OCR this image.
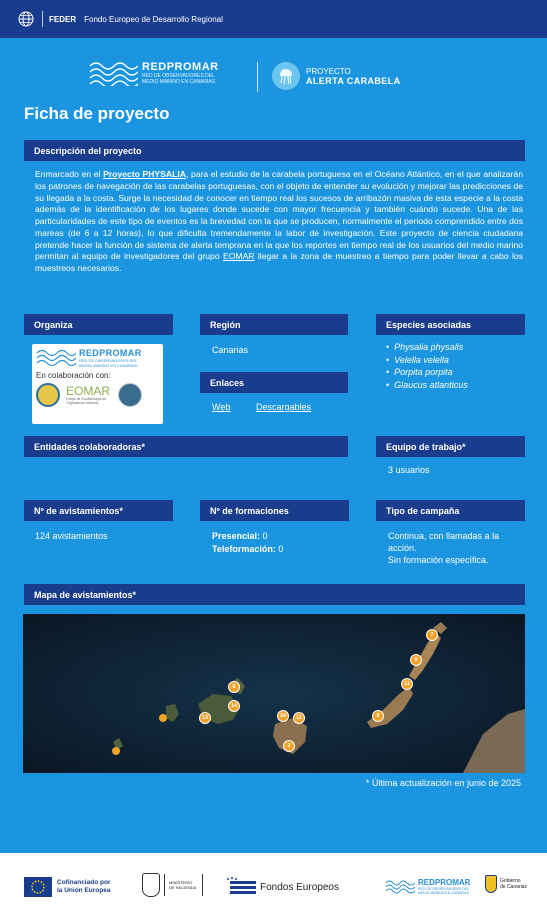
FEDER Fondo Europeo de Desarrollo Regional
REDPROMAR
RED DE OBSERVADORES DEL
MEDIO MARINO EN CANARIAS
PROYECTO
ALERTA CARABELA
Ficha de proyecto
Descripción del proyecto

Enmarcado en el Proyecto PHYSALIA, para el estudio de la carabela portuguesa en el Océano Atlántico, en el que analizarán los patrones de navegación de las carabelas portuguesas, con el objeto de entender su evolución y mejorar las predicciones de su llegada a la costa. Surge la necesidad de conocer en tiempo real los sucesos de arribazón masiva de esta especie a la costa además de la identificación de los lugares donde sucede con mayor frecuencia y también cuándo sucede. Una de las particularidades de este tipo de eventos es la brevedad con la que se producen, normalmente el periodo comprendido entre dos mareas (de 6 a 12 horas), lo que dificulta tremendamente la labor de investigación. Este proyecto de ciencia ciudadana pretende hacer la función de sistema de alerta temprana en la que los reportes en tiempo real de los usuarios del medio marino permitan al equipo de investigadores del grupo EOMAR llegar a la zona de muestreo a tiempo para poder llevar a cabo los muestreos necesarios.

Organiza	Región	Especies asociadas
REDPROMAR
RED DE OBSERVADORES DEL
MEDIO MARINO EN CANARIAS
En colaboración con:
EOMAR
Grupo de Ecofisiología de
Organismos Marinos
Canarias
Enlaces
Web	Descargables
• Physalia physalis
• Velella velella
• Porpita porpita
• Glaucus atlanticus
Entidades colaboradoras*	Equipo de trabajo*
3 usuarios
Nº de avistamientos*	Nº de formaciones	Tipo de campaña
124 avistamientos	Presencial: 0
Teleformación: 0
Continua, con llamadas a la
acción.
Sin formación específica.
Mapa de avistamientos*
7
9
11
8
6
14
13	24	11
2
* Última actualización en junio de 2025
Cofinanciado por
la Unión Europea
MINISTERIO
DE HACIENDA	Fondos Europeos	REDPROMAR
RED DE OBSERVADORES DEL
MEDIO MARINO EN CANARIAS
Gobierno
de Canarias
